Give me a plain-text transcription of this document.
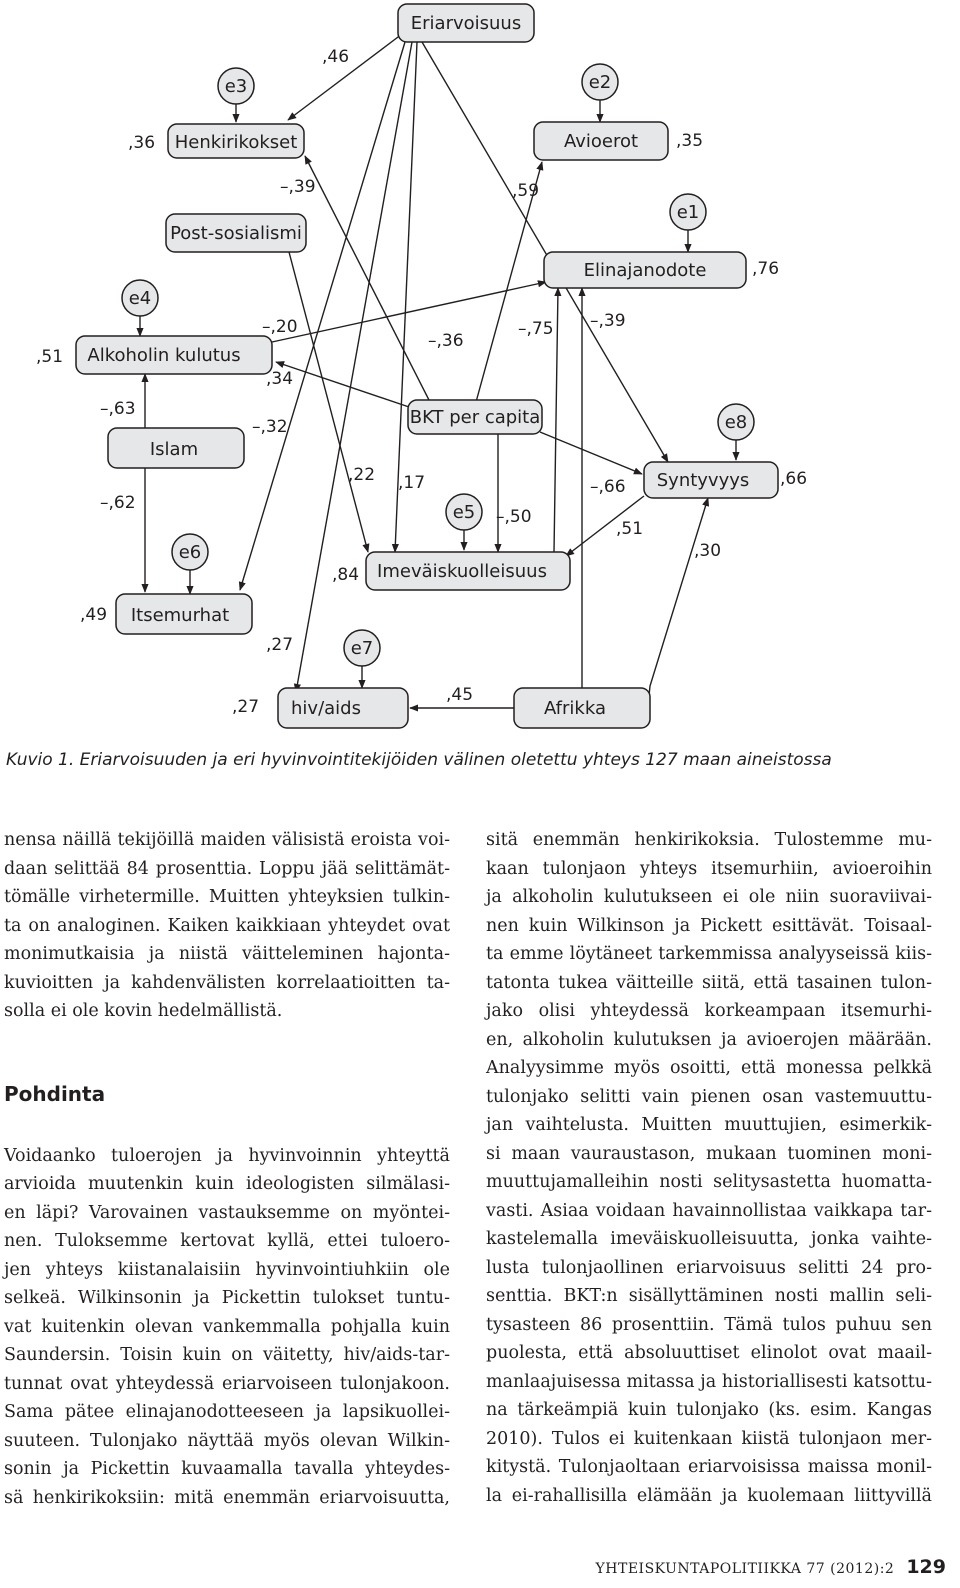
Eriarvoisuus
Henkirikokset
Post-sosialismi
Avioerot
Elinajanodote
Alkoholin kulutus
Islam
BKT per capita
Syntyvyys
Imeväiskuolleisuus
Itsemurhat
hiv/aids	Afrikka
e1
e2
e3
e4
e5
e6
e7
e8
,46
,36
–,39	,59
,35
,76
,51
–,20
,34
–,36
–,75 –,39
–,63
–,32
–,62
,22 ,17
–,50
–,66	,66
,51
,30
,84
,49
,27
,27
,45
Kuvio 1. Eriarvoisuuden ja eri hyvinvointitekijöiden välinen oletettu yhteys 127 maan aineistossa
nensa näillä tekijöillä maiden välisistä eroista voi-
daan selittää 84 prosenttia. Loppu jää selittämät-
tömälle virhetermille. Muitten yhteyksien tulkin-
ta on analoginen. Kaiken kaikkiaan yhteydet ovat
monimutkaisia ja niistä väitteleminen hajonta-
kuvioitten ja kahdenvälisten korrelaatioitten ta-
solla ei ole kovin hedelmällistä.
Pohdinta
Voidaanko tuloerojen ja hyvinvoinnin yhteyttä
arvioida muutenkin kuin ideologisten silmälasi-
en läpi? Varovainen vastauksemme on myöntei-
nen. Tuloksemme kertovat kyllä, ettei tuloero-
jen yhteys kiistanalaisiin hyvinvointiuhkiin ole
selkeä. Wilkinsonin ja Pickettin tulokset tuntu-
vat kuitenkin olevan vankemmalla pohjalla kuin
Saundersin. Toisin kuin on väitetty, hiv/aids-tar-
tunnat ovat yhteydessä eriarvoiseen tulonjakoon.
Sama pätee elinajanodotteeseen ja lapsikuollei-
suuteen. Tulonjako näyttää myös olevan Wilkin-
sonin ja Pickettin kuvaamalla tavalla yhteydes-
sä henkirikoksiin: mitä enemmän eriarvoisuutta,
sitä enemmän henkirikoksia. Tulostemme mu-
kaan tulonjaon yhteys itsemurhiin, avioeroihin
ja alkoholin kulutukseen ei ole niin suoraviivai-
nen kuin Wilkinson ja Pickett esittävät. Toisaal-
ta emme löytäneet tarkemmissa analyyseissä kiis-
tatonta tukea väitteille siitä, että tasainen tulon-
jako olisi yhteydessä korkeampaan itsemurhi-
en, alkoholin kulutuksen ja avioerojen määrään.
Analyysimme myös osoitti, että monessa pelkkä
tulonjako selitti vain pienen osan vastemuuttu-
jan vaihtelusta. Muitten muuttujien, esimerkik-
si maan vauraustason, mukaan tuominen moni-
muuttujamalleihin nosti selitysastetta huomatta-
vasti. Asiaa voidaan havainnollistaa vaikkapa tar-
kastelemalla imeväiskuolleisuutta, jonka vaihte-
lusta tulonjaollinen eriarvoisuus selitti 24 pro-
senttia. BKT:n sisällyttäminen nosti mallin seli-
tysasteen 86 prosenttiin. Tämä tulos puhuu sen
puolesta, että absoluuttiset elinolot ovat maail-
manlaajuisessa mitassa ja historiallisesti katsottu-
na tärkeämpiä kuin tulonjako (ks. esim. Kangas
2010). Tulos ei kuitenkaan kiistä tulonjaon mer-
kitystä. Tulonjaoltaan eriarvoisissa maissa monil-
la ei-rahallisilla elämään ja kuolemaan liittyvillä
YHTEISKUNTAPOLITIIKKA 77 (2012):2 129
